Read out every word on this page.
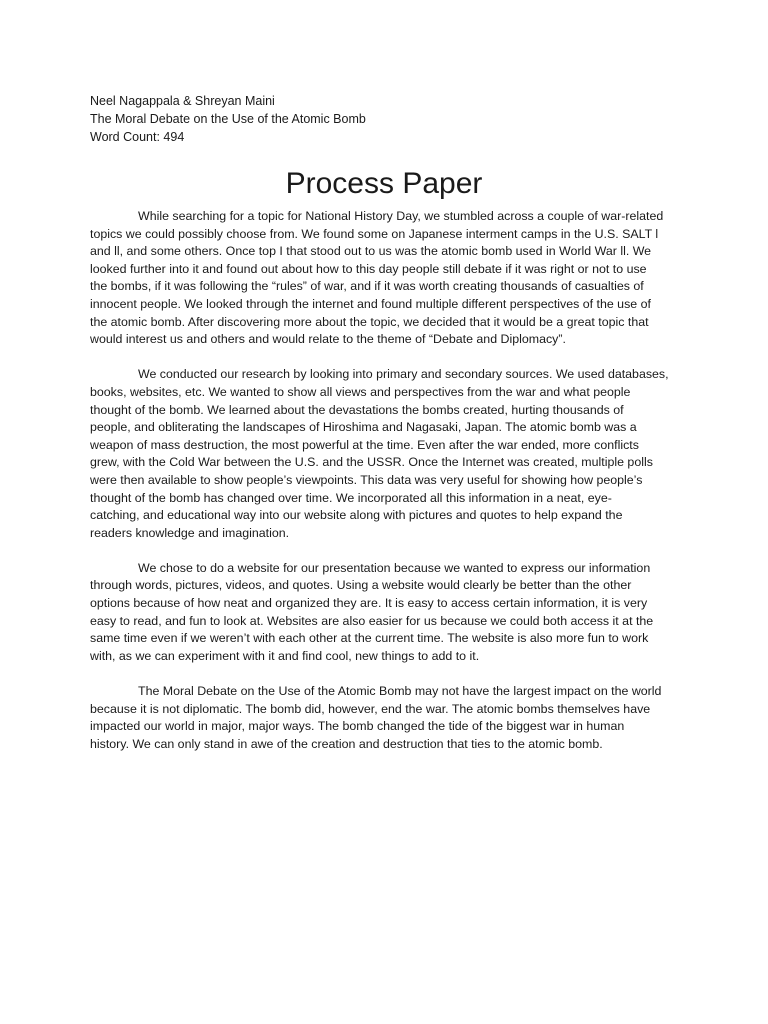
Neel Nagappala & Shreyan Maini
The Moral Debate on the Use of the Atomic Bomb
Word Count: 494
Process Paper
While searching for a topic for National History Day, we stumbled across a couple of war-related
topics we could possibly choose from. We found some on Japanese interment camps in the U.S. SALT l
and ll, and some others. Once top I that stood out to us was the atomic bomb used in World War ll. We
looked further into it and found out about how to this day people still debate if it was right or not to use
the bombs, if it was following the “rules” of war, and if it was worth creating thousands of casualties of
innocent people. We looked through the internet and found multiple different perspectives of the use of
the atomic bomb. After discovering more about the topic, we decided that it would be a great topic that
would interest us and others and would relate to the theme of “Debate and Diplomacy”.
We conducted our research by looking into primary and secondary sources. We used databases,
books, websites, etc. We wanted to show all views and perspectives from the war and what people
thought of the bomb. We learned about the devastations the bombs created, hurting thousands of
people, and obliterating the landscapes of Hiroshima and Nagasaki, Japan. The atomic bomb was a
weapon of mass destruction, the most powerful at the time. Even after the war ended, more conflicts
grew, with the Cold War between the U.S. and the USSR. Once the Internet was created, multiple polls
were then available to show people’s viewpoints. This data was very useful for showing how people’s
thought of the bomb has changed over time. We incorporated all this information in a neat, eye-
catching, and educational way into our website along with pictures and quotes to help expand the
readers knowledge and imagination.
We chose to do a website for our presentation because we wanted to express our information
through words, pictures, videos, and quotes. Using a website would clearly be better than the other
options because of how neat and organized they are. It is easy to access certain information, it is very
easy to read, and fun to look at. Websites are also easier for us because we could both access it at the
same time even if we weren’t with each other at the current time. The website is also more fun to work
with, as we can experiment with it and find cool, new things to add to it.
The Moral Debate on the Use of the Atomic Bomb may not have the largest impact on the world
because it is not diplomatic. The bomb did, however, end the war. The atomic bombs themselves have
impacted our world in major, major ways. The bomb changed the tide of the biggest war in human
history. We can only stand in awe of the creation and destruction that ties to the atomic bomb.
